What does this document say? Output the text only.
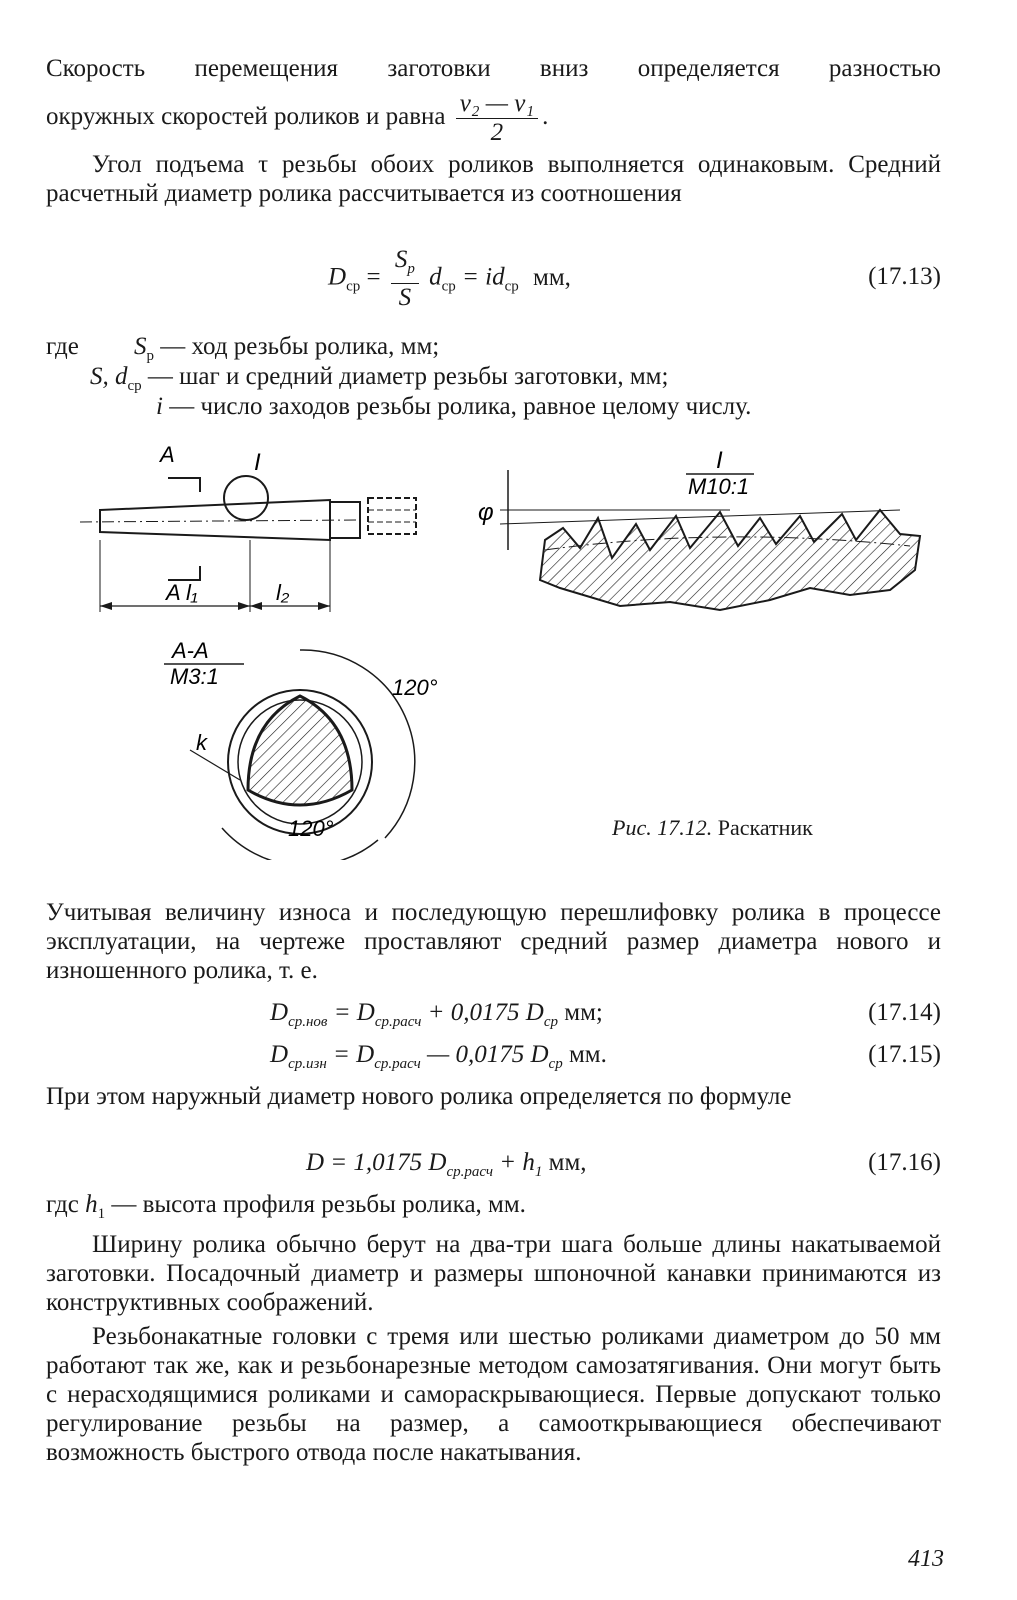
Скорость перемещения заготовки вниз определяется разностью
окружных скоростей роликов и равна $\frac{\text{v₂ — v₁}}{2}$ .
Угол подъема τ резьбы обоих роликов выполняется одинаковым. Средний расчетный диаметр ролика рассчитывается из соотношения
$D_{ср} = \frac{S_р}{S} d_{ср} = id_{ср}$ мм,	(17.13)
где $S_р$ — ход резьбы ролика, мм;
S, $d_{ср}$ — шаг и средний диаметр резьбы заготовки, мм;
i — число заходов резьбы ролика, равное целому числу.
A	I
A l₁	l₂
A-A
M3:1	120°
120°
k
I
M10:1
φ
Рис. 17.12. Раскатник
Учитывая величину износа и последующую перешлифовку ролика в процессе эксплуатации, на чертеже проставляют средний размер диаметра нового и изношенного ролика, т. е.
$D_{ср.нов} = D_{ср.расч} + 0,0175$ $D_{ср}$ мм;	(17.14)
$D_{ср.изн} = D_{ср.расч}$ — 0,0175 $D_{ср}$ мм.	(17.15)
При этом наружный диаметр нового ролика определяется по формуле
D = 1,0175 $D_{ср.расч} + h_1$ мм,	(17.16)
гдс $h_1$ — высота профиля резьбы ролика, мм.
Ширину ролика обычно берут на два-три шага больше длины накатываемой заготовки. Посадочный диаметр и размеры шпоночной канавки принимаются из конструктивных соображений.
Резьбонакатные головки с тремя или шестью роликами диаметром до 50 мм работают так же, как и резьбонарезные методом самозатягивания. Они могут быть с нерасходящимися роликами и самораскрывающиеся. Первые допускают только регулирование резьбы на размер, а самооткрывающиеся обеспечивают возможность быстрого отвода после накатывания.
413
